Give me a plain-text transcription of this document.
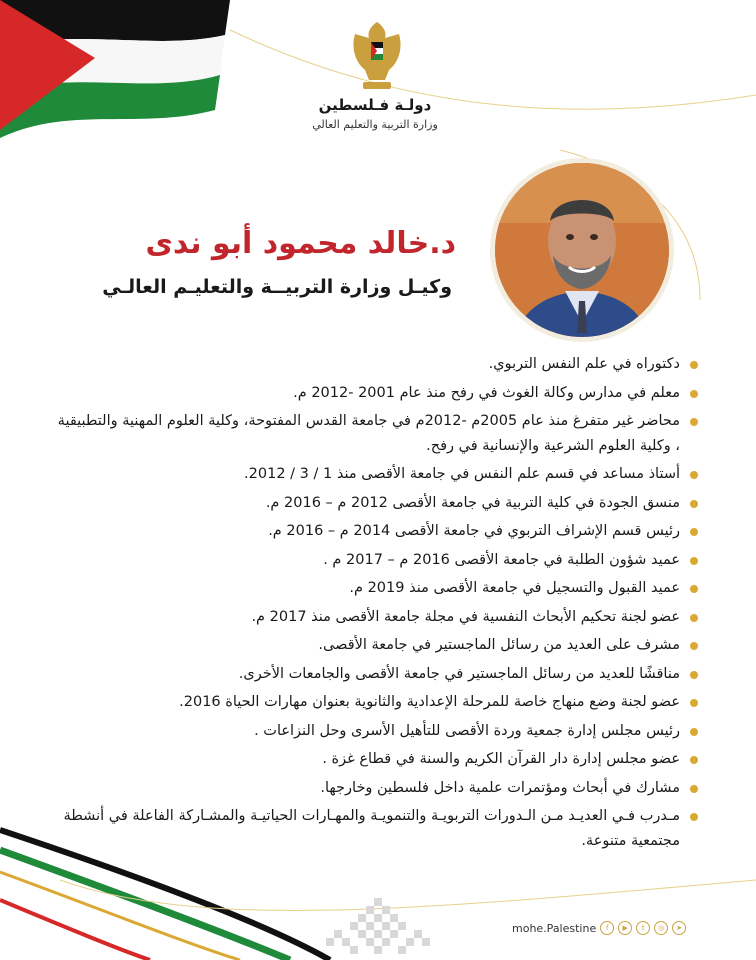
دولـة فـلسطين
وزارة التربية والتعليم العالي
د.خالد محمود أبو ندى
وكيـل وزارة التربيــة والتعليـم العالـي
دكتوراه في علم النفس التربوي.
معلم في مدارس وكالة الغوث في رفح منذ عام 2001 -2012 م.
محاضر غير متفرغ منذ عام 2005م -2012م في جامعة القدس المفتوحة، وكلية العلوم المهنية والتطبيقية ، وكلية العلوم الشرعية والإنسانية في رفح.
أستاذ مساعد في قسم علم النفس في جامعة الأقصى منذ 1 / 3 / 2012.
منسق الجودة في كلية التربية في جامعة الأقصى 2012 م – 2016 م.
رئيس قسم الإشراف التربوي في جامعة الأقصى 2014 م – 2016 م.
عميد شؤون الطلبة في جامعة الأقصى 2016 م – 2017 م .
عميد القبول والتسجيل في جامعة الأقصى منذ 2019 م.
عضو لجنة تحكيم الأبحاث النفسية في مجلة جامعة الأقصى منذ 2017 م.
مشرف على العديد من رسائل الماجستير في جامعة الأقصى.
مناقشًا للعديد من رسائل الماجستير في جامعة الأقصى والجامعات الأخرى.
عضو لجنة وضع منهاج خاصة للمرحلة الإعدادية والثانوية بعنوان مهارات الحياة 2016.
رئيس مجلس إدارة جمعية وردة الأقصى للتأهيل الأسرى وحل النزاعات .
عضو مجلس إدارة دار القرآن الكريم والسنة في قطاع غزة .
مشارك في أبحاث ومؤتمرات علمية داخل فلسطين وخارجها.
مـدرب فـي العديـد مـن الـدورات التربويـة والتنمويـة والمهـارات الحياتيـة والمشـاركة الفاعلة في أنشطة مجتمعية متنوعة.
mohe.Palestine	f	▶	t	◎	➤
